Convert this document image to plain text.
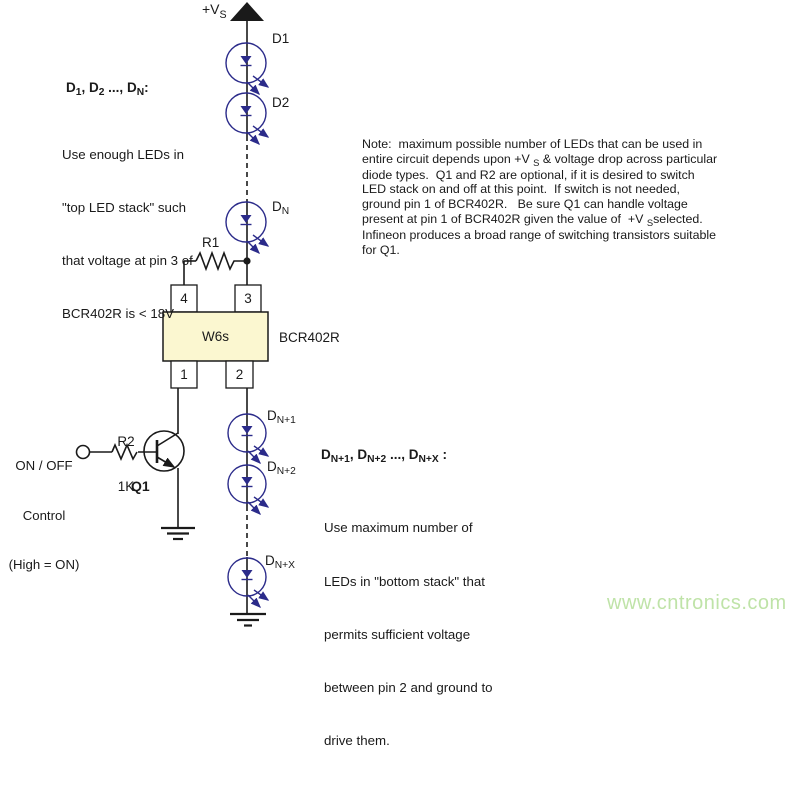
$+V_S$
D1
D2
$D_N$
R1
4	3
W6s	BCR402R
1	2

ON / OFF

Control

(High = ON)

R2

1K

Q1
$D_{N+1}$
$D_{N+2}$
$D_{N+X}$
$D_1$, $D_2$ ..., $D_N$:

Use enough LEDs in

"top LED stack" such

that voltage at pin 3 of

BCR402R is < 18V

Note:  maximum possible number of LEDs that can be used in
entire circuit depends upon +V $_S$ & voltage drop across particular
diode types.  Q1 and R2 are optional, if it is desired to switch
LED stack on and off at this point.  If switch is not needed,
ground pin 1 of BCR402R.   Be sure Q1 can handle voltage
present at pin 1 of BCR402R given the value of  +V $_S$selected.
Infineon produces a broad range of switching transistors suitable
for Q1.
$D_{N+1}$, $D_{N+2}$ ..., $D_{N+X}$ :

Use maximum number of

LEDs in "bottom stack" that

permits sufficient voltage

between pin 2 and ground to

drive them.

www.cntronics.com
